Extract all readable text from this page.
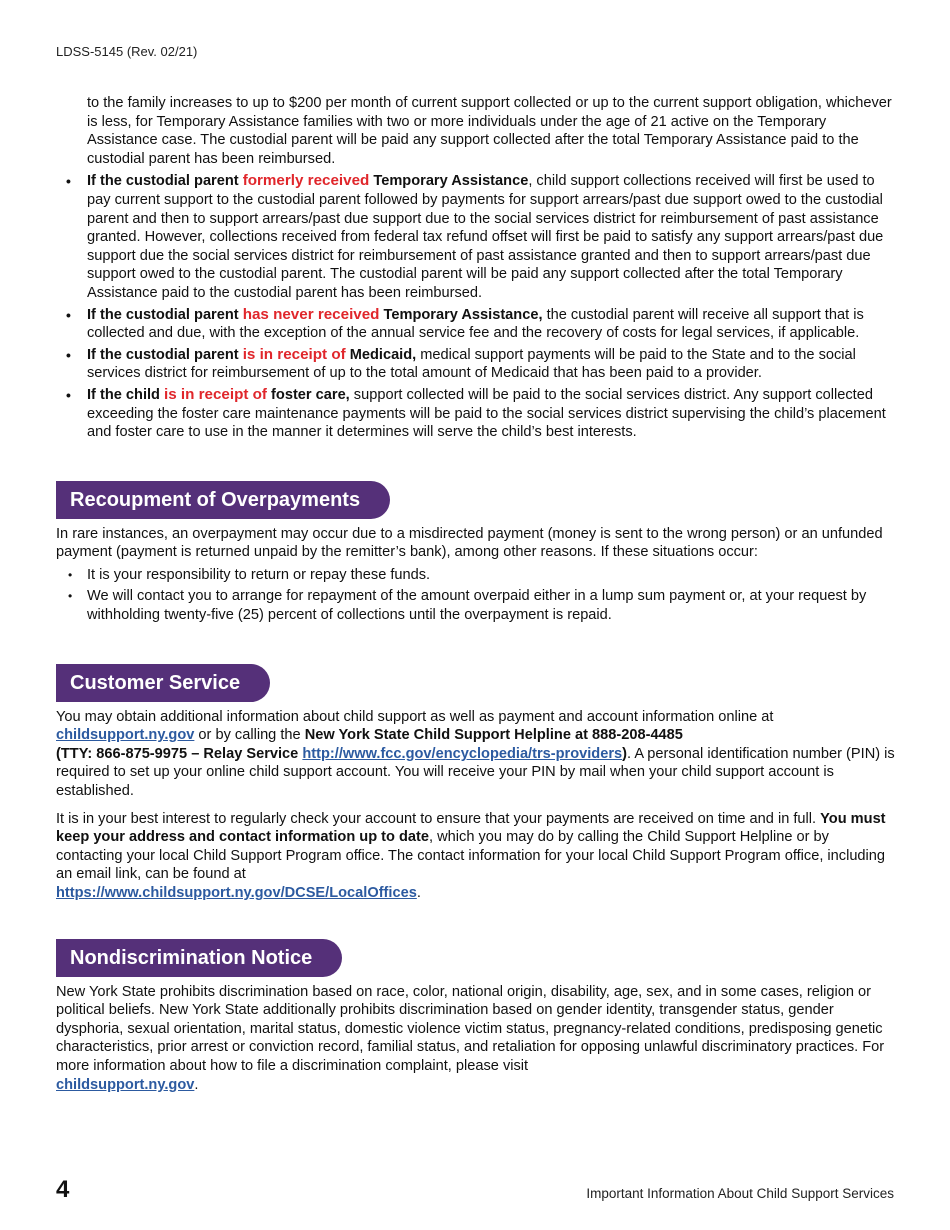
LDSS-5145 (Rev. 02/21)

to the family increases to up to $200 per month of current support collected or up to the current support obligation, whichever is less, for Temporary Assistance families with two or more individuals under the age of 21 active on the Temporary Assistance case. The custodial parent will be paid any support collected after the total Temporary Assistance paid to the custodial parent has been reimbursed.

• If the custodial parent formerly received Temporary Assistance, child support collections received will first be used to pay current support to the custodial parent followed by payments for support arrears/past due support owed to the custodial parent and then to support arrears/past due support due to the social services district for reimbursement of past assistance granted. However, collections received from federal tax refund offset will first be paid to satisfy any support arrears/past due support due the social services district for reimbursement of past assistance granted and then to support arrears/past due support owed to the custodial parent. The custodial parent will be paid any support collected after the total Temporary Assistance paid to the custodial parent has been reimbursed.
• If the custodial parent has never received Temporary Assistance, the custodial parent will receive all support that is collected and due, with the exception of the annual service fee and the recovery of costs for legal services, if applicable.
• If the custodial parent is in receipt of Medicaid, medical support payments will be paid to the State and to the social services district for reimbursement of up to the total amount of Medicaid that has been paid to a provider.
• If the child is in receipt of foster care, support collected will be paid to the social services district. Any support collected exceeding the foster care maintenance payments will be paid to the social services district supervising the child’s placement and foster care to use in the manner it determines will serve the child’s best interests.
Recoupment of Overpayments

In rare instances, an overpayment may occur due to a misdirected payment (money is sent to the wrong person) or an unfunded payment (payment is returned unpaid by the remitter’s bank), among other reasons. If these situations occur:

• It is your responsibility to return or repay these funds.
• We will contact you to arrange for repayment of the amount overpaid either in a lump sum payment or, at your request by withholding twenty-five (25) percent of collections until the overpayment is repaid.
Customer Service

You may obtain additional information about child support as well as payment and account information online at childsupport.ny.gov or by calling the New York State Child Support Helpline at 888-208-4485
(TTY: 866-875-9975 – Relay Service http://www.fcc.gov/encyclopedia/trs-providers). A personal identification number (PIN) is required to set up your online child support account. You will receive your PIN by mail when your child support account is established.

It is in your best interest to regularly check your account to ensure that your payments are received on time and in full. You must keep your address and contact information up to date, which you may do by calling the Child Support Helpline or by contacting your local Child Support Program office. The contact information for your local Child Support Program office, including an email link, can be found at
https://www.childsupport.ny.gov/DCSE/LocalOffices.

Nondiscrimination Notice

New York State prohibits discrimination based on race, color, national origin, disability, age, sex, and in some cases, religion or political beliefs. New York State additionally prohibits discrimination based on gender identity, transgender status, gender dysphoria, sexual orientation, marital status, domestic violence victim status, pregnancy-related conditions, predisposing genetic characteristics, prior arrest or conviction record, familial status, and retaliation for opposing unlawful discriminatory practices. For more information about how to file a discrimination complaint, please visit
childsupport.ny.gov.

4	Important Information About Child Support Services
